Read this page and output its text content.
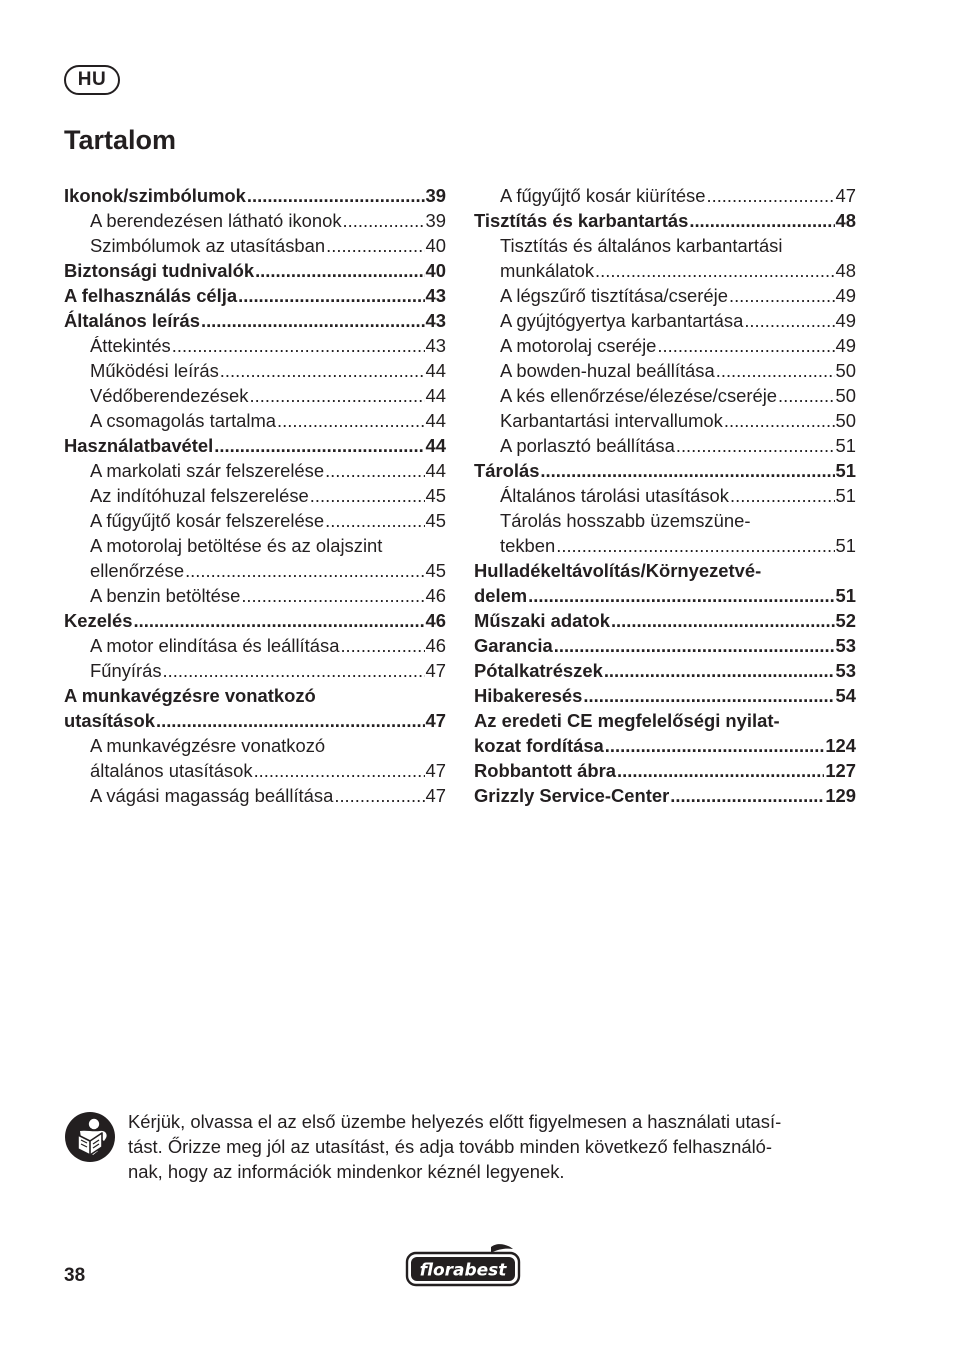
HU
Tartalom
Ikonok/szimbólumok .....	39
A berendezésen látható ikonok .....	39
Szimbólumok az utasításban .....	40
Biztonsági tudnivalók .....	40
A felhasználás célja .....	43
Általános leírás .....	43
Áttekintés .....	43
Működési leírás .....	44
Védőberendezések .....	44
A csomagolás tartalma .....	44
Használatbavétel .....	44
A markolati szár felszerelése .....	44
Az indítóhuzal felszerelése .....	45
A fűgyűjtő kosár felszerelése .....	45
A motorolaj betöltése és az olajszint
ellenőrzése .....	45
A benzin betöltése .....	46
Kezelés .....	46
A motor elindítása és leállítása .....	46
Fűnyírás .....	47
A munkavégzésre vonatkozó
utasítások .....	47
A munkavégzésre vonatkozó
általános utasítások .....	47
A vágási magasság beállítása .....	47
A fűgyűjtő kosár kiürítése .....	47
Tisztítás és karbantartás .....	48
Tisztítás és általános karbantartási
munkálatok .....	48
A légszűrő tisztítása/cseréje .....	49
A gyújtógyertya karbantartása .....	49
A motorolaj cseréje .....	49
A bowden-huzal beállítása .....	50
A kés ellenőrzése/élezése/cseréje .....	50
Karbantartási intervallumok .....	50
A porlasztó beállítása .....	51
Tárolás .....	51
Általános tárolási utasítások .....	51
Tárolás hosszabb üzemszüne-
tekben .....	51
Hulladékeltávolítás/Környezetvé-
delem .....	51
Műszaki adatok .....	52
Garancia .....	53
Pótalkatrészek .....	53
Hibakeresés .....	54
Az eredeti CE megfelelőségi nyilat-
kozat fordítása .....	124
Robbantott ábra .....	127
Grizzly Service-Center .....	129
Kérjük, olvassa el az első üzembe helyezés előtt figyelmesen a használati utasí-
tást. Őrizze meg jól az utasítást, és adja tovább minden következő felhasználó-
nak, hogy az információk mindenkor kéznél legyenek.
38	florabest
